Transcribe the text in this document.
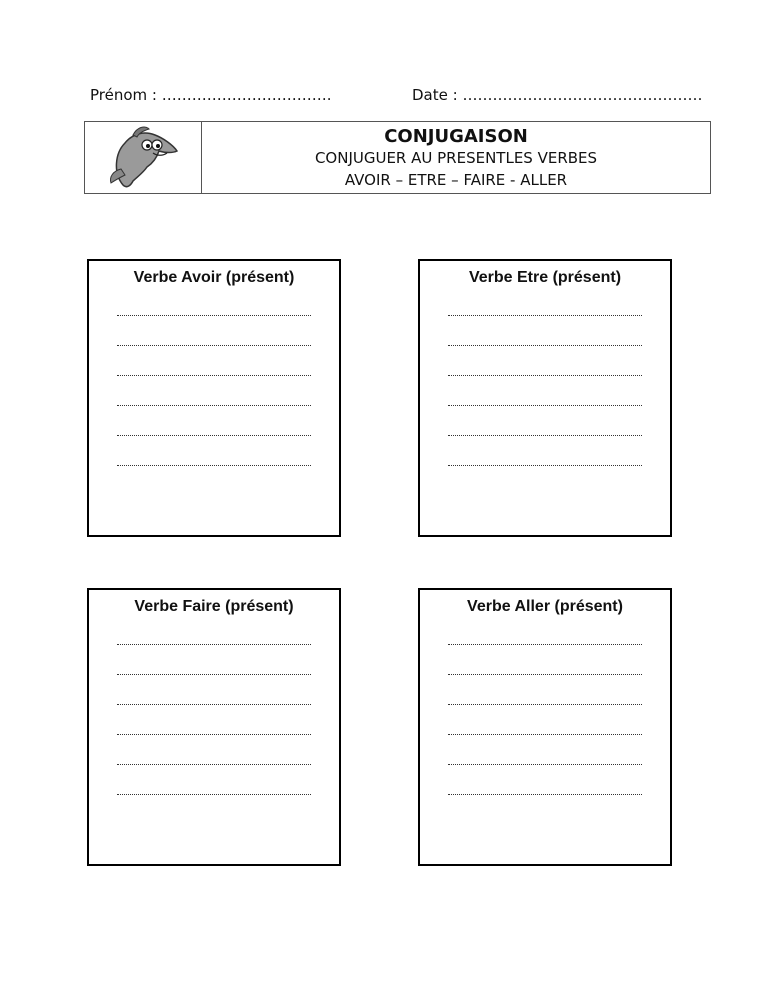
Prénom : …………………………….	Date : …………………………………………
CONJUGAISON
CONJUGUER AU PRESENTLES VERBES
AVOIR – ETRE – FAIRE - ALLER
Verbe Avoir (présent)	Verbe Etre (présent)
Verbe Faire (présent)	Verbe Aller (présent)
